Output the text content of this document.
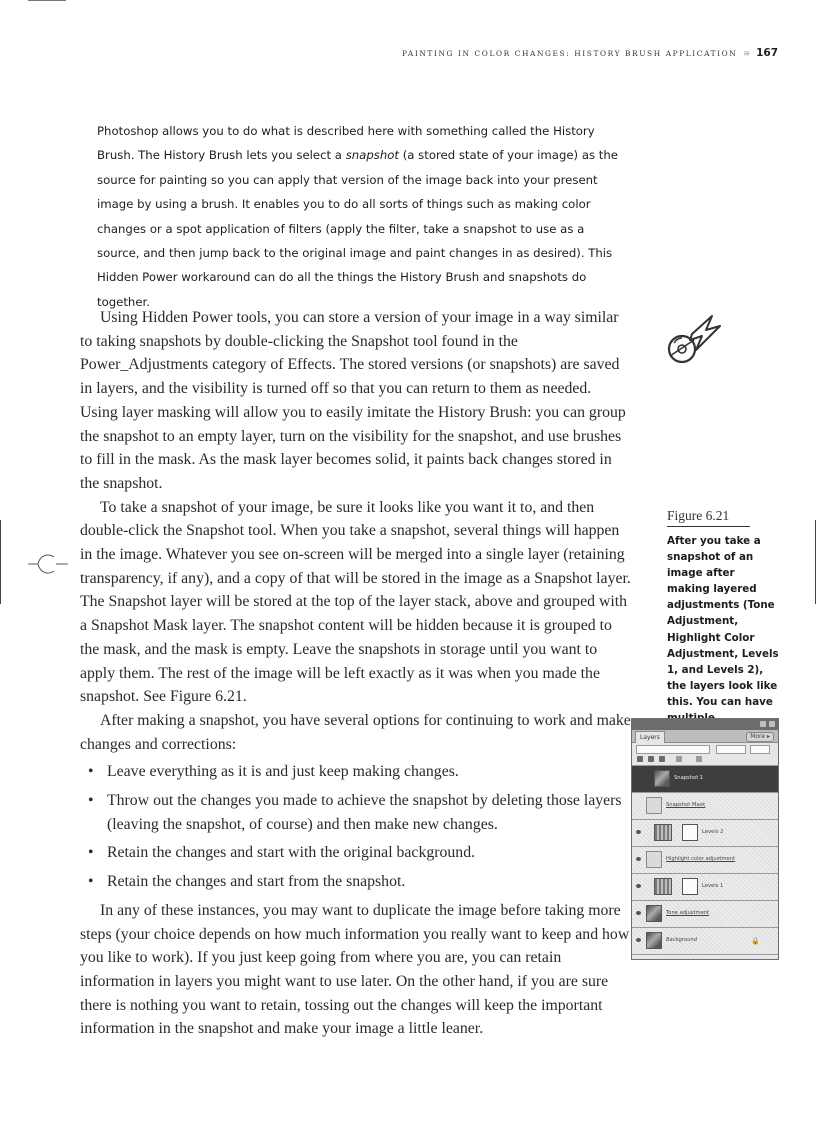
PAINTING IN COLOR CHANGES: HISTORY BRUSH APPLICATION ≋ 167

Photoshop allows you to do what is described here with something called the History Brush. The History Brush lets you select a snapshot (a stored state of your image) as the source for painting so you can apply that version of the image back into your present image by using a brush. It enables you to do all sorts of things such as making color changes or a spot application of filters (apply the filter, take a snapshot to use as a source, and then jump back to the original image and paint changes in as desired). This Hidden Power workaround can do all the things the History Brush and snapshots do together.

Using Hidden Power tools, you can store a version of your image in a way similar to taking snapshots by double-clicking the Snapshot tool found in the Power_Adjustments category of Effects. The stored versions (or snapshots) are saved in layers, and the visibility is turned off so that you can return to them as needed. Using layer masking will allow you to easily imitate the History Brush: you can group the snapshot to an empty layer, turn on the visibility for the snapshot, and use brushes to fill in the mask. As the mask layer becomes solid, it paints back changes stored in the snapshot.

To take a snapshot of your image, be sure it looks like you want it to, and then double-click the Snapshot tool. When you take a snapshot, several things will happen in the image. Whatever you see on-screen will be merged into a single layer (retaining transparency, if any), and a copy of that will be stored in the image as a Snapshot layer. The Snapshot layer will be stored at the top of the layer stack, above and grouped with a Snapshot Mask layer. The snapshot content will be hidden because it is grouped to the mask, and the mask is empty. Leave the snapshots in storage until you want to apply them. The rest of the image will be left exactly as it was when you made the snapshot. See Figure 6.21.

After making a snapshot, you have several options for continuing to work and make changes and corrections:

• Leave everything as it is and just keep making changes.
• Throw out the changes you made to achieve the snapshot by deleting those layers (leaving the snapshot, of course) and then make new changes.
• Retain the changes and start with the original background.
• Retain the changes and start from the snapshot.

In any of these instances, you may want to duplicate the image before taking more steps (your choice depends on how much information you really want to keep and how you like to work). If you just keep going from where you are, you can retain information in layers you might want to use later. On the other hand, if you are sure there is nothing you want to retain, tossing out the changes will keep the important information in the snapshot and make your image a little leaner.

Figure 6.21
After you take a snapshot of an image after making layered adjustments (Tone Adjustment, Highlight Color Adjustment, Levels 1, and Levels 2), the layers look like this. You can have
Layers	More ▸
Snapshot 1
Snapshot Mask
Levels 2
Highlight color adjustment
Levels 1
Tone adjustment
Background	🔒
